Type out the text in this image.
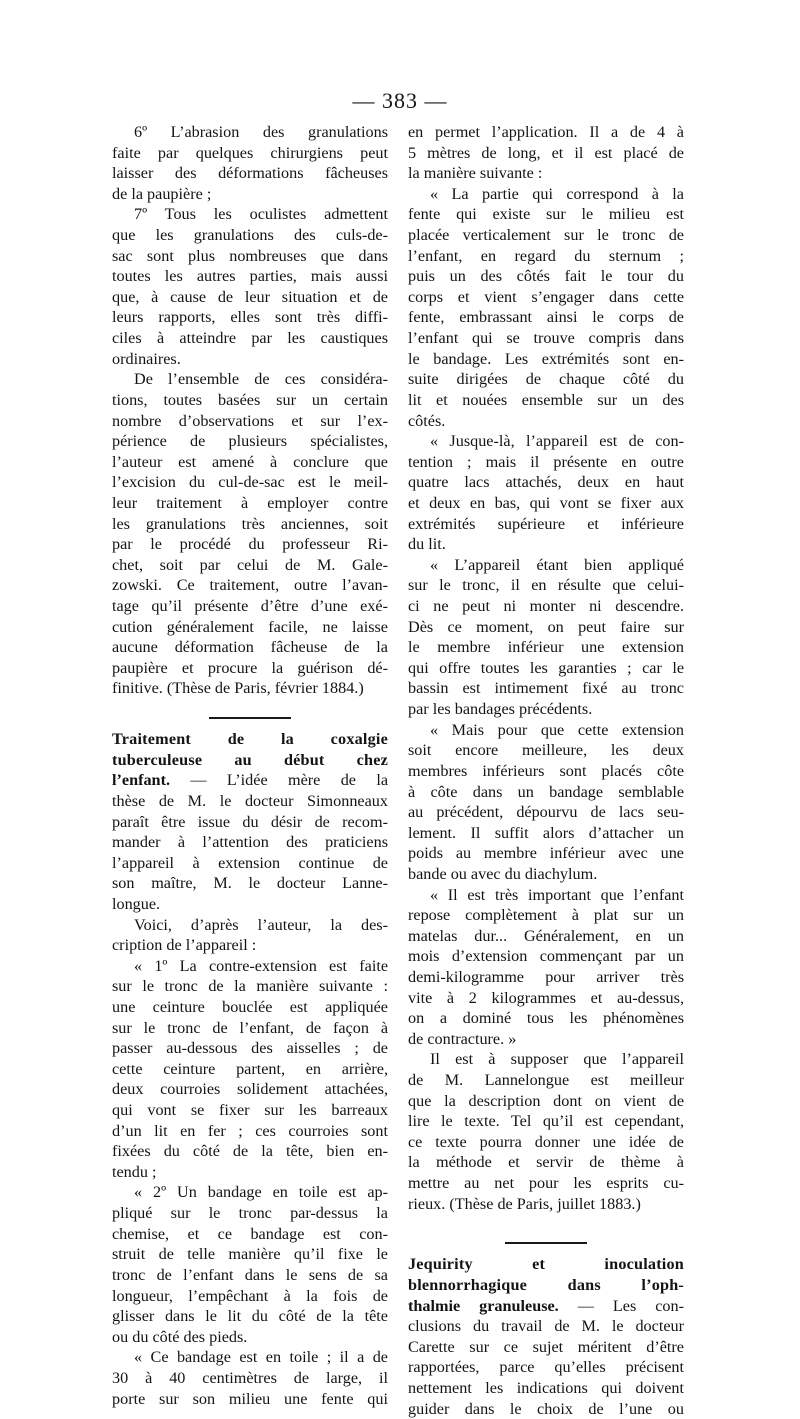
— 383 —
6º L’abrasion des granulations
faite par quelques chirurgiens peut
laisser des déformations fâcheuses
de la paupière ;
7º Tous les oculistes admettent
que les granulations des culs-de-
sac sont plus nombreuses que dans
toutes les autres parties, mais aussi
que, à cause de leur situation et de
leurs rapports, elles sont très diffi-
ciles à atteindre par les caustiques
ordinaires.
De l’ensemble de ces considéra-
tions, toutes basées sur un certain
nombre d’observations et sur l’ex-
périence de plusieurs spécialistes,
l’auteur est amené à conclure que
l’excision du cul-de-sac est le meil-
leur traitement à employer contre
les granulations très anciennes, soit
par le procédé du professeur Ri-
chet, soit par celui de M. Gale-
zowski. Ce traitement, outre l’avan-
tage qu’il présente d’être d’une exé-
cution généralement facile, ne laisse
aucune déformation fâcheuse de la
paupière et procure la guérison dé-
finitive. (Thèse de Paris, février 1884.)
Traitement de la coxalgie
tuberculeuse au début chez
l’enfant. — L’idée mère de la
thèse de M. le docteur Simonneaux
paraît être issue du désir de recom-
mander à l’attention des praticiens
l’appareil à extension continue de
son maître, M. le docteur Lanne-
longue.
Voici, d’après l’auteur, la des-
cription de l’appareil :
« 1º La contre-extension est faite
sur le tronc de la manière suivante :
une ceinture bouclée est appliquée
sur le tronc de l’enfant, de façon à
passer au-dessous des aisselles ; de
cette ceinture partent, en arrière,
deux courroies solidement attachées,
qui vont se fixer sur les barreaux
d’un lit en fer ; ces courroies sont
fixées du côté de la tête, bien en-
tendu ;
« 2º Un bandage en toile est ap-
pliqué sur le tronc par-dessus la
chemise, et ce bandage est con-
struit de telle manière qu’il fixe le
tronc de l’enfant dans le sens de sa
longueur, l’empêchant à la fois de
glisser dans le lit du côté de la tête
ou du côté des pieds.
« Ce bandage est en toile ; il a de
30 à 40 centimètres de large, il
porte sur son milieu une fente qui
en permet l’application. Il a de 4 à
5 mètres de long, et il est placé de
la manière suivante :
« La partie qui correspond à la
fente qui existe sur le milieu est
placée verticalement sur le tronc de
l’enfant, en regard du sternum ;
puis un des côtés fait le tour du
corps et vient s’engager dans cette
fente, embrassant ainsi le corps de
l’enfant qui se trouve compris dans
le bandage. Les extrémités sont en-
suite dirigées de chaque côté du
lit et nouées ensemble sur un des
côtés.
« Jusque-là, l’appareil est de con-
tention ; mais il présente en outre
quatre lacs attachés, deux en haut
et deux en bas, qui vont se fixer aux
extrémités supérieure et inférieure
du lit.
« L’appareil étant bien appliqué
sur le tronc, il en résulte que celui-
ci ne peut ni monter ni descendre.
Dès ce moment, on peut faire sur
le membre inférieur une extension
qui offre toutes les garanties ; car le
bassin est intimement fixé au tronc
par les bandages précédents.
« Mais pour que cette extension
soit encore meilleure, les deux
membres inférieurs sont placés côte
à côte dans un bandage semblable
au précédent, dépourvu de lacs seu-
lement. Il suffit alors d’attacher un
poids au membre inférieur avec une
bande ou avec du diachylum.
« Il est très important que l’enfant
repose complètement à plat sur un
matelas dur... Généralement, en un
mois d’extension commençant par un
demi-kilogramme pour arriver très
vite à 2 kilogrammes et au-dessus,
on a dominé tous les phénomènes
de contracture. »
Il est à supposer que l’appareil
de M. Lannelongue est meilleur
que la description dont on vient de
lire le texte. Tel qu’il est cependant,
ce texte pourra donner une idée de
la méthode et servir de thème à
mettre au net pour les esprits cu-
rieux. (Thèse de Paris, juillet 1883.)
Jequirity et inoculation
blennorrhagique dans l’oph-
thalmie granuleuse. — Les con-
clusions du travail de M. le docteur
Carette sur ce sujet méritent d’être
rapportées, parce qu’elles précisent
nettement les indications qui doivent
guider dans le choix de l’une ou
